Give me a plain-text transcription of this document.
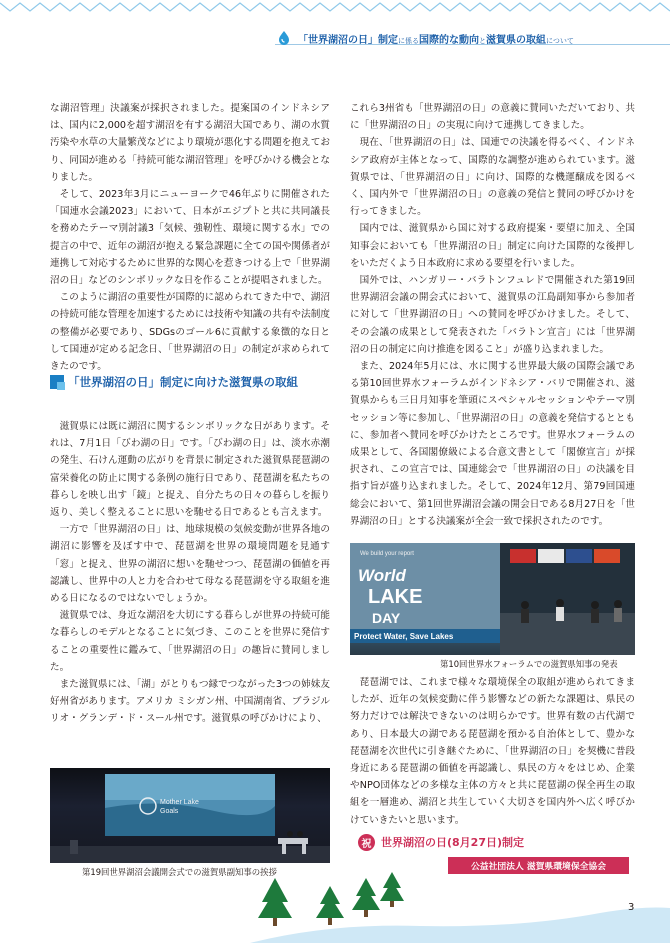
「世界湖沼の日」制定に係る国際的な動向と滋賀県の取組について

な湖沼管理」決議案が採択されました。提案国のインドネシアは、国内に2,000を超す湖沼を有する湖沼大国であり、湖の水質汚染や水草の大量繁茂などにより環境が悪化する問題を抱えており、同国が進める「持続可能な湖沼管理」を呼びかける機会となりました。

そして、2023年3月にニューヨークで46年ぶりに開催された「国連水会議2023」において、日本がエジプトと共に共同議長を務めたテーマ別討議3「気候、強靭性、環境に関する水」での提言の中で、近年の湖沼が抱える緊急課題に全ての国や関係者が連携して対応するために世界的な関心を惹きつける上で「世界湖沼の日」などのシンボリックな日を作ることが提唱されました。

このように湖沼の重要性が国際的に認められてきた中で、湖沼の持続可能な管理を加速するためには技術や知識の共有や法制度の整備が必要であり、SDGsのゴール6に貢献する象徴的な日として国連が定める記念日、「世界湖沼の日」の制定が求められてきたのです。

「世界湖沼の日」制定に向けた滋賀県の取組

滋賀県には既に湖沼に関するシンボリックな日があります。それは、7月1日「びわ湖の日」です。「びわ湖の日」は、淡水赤潮の発生、石けん運動の広がりを背景に制定された滋賀県琵琶湖の富栄養化の防止に関する条例の施行日であり、琵琶湖を私たちの暮らしを映し出す「鏡」と捉え、自分たちの日々の暮らしを振り返り、美しく整えることに思いを馳せる日であるとも言えます。

一方で「世界湖沼の日」は、地球規模の気候変動が世界各地の湖沼に影響を及ぼす中で、琵琶湖を世界の環境問題を見通す「窓」と捉え、世界の湖沼に想いを馳せつつ、琵琶湖の価値を再認識し、世界中の人と力を合わせて母なる琵琶湖を守る取組を進める日になるのではないでしょうか。

滋賀県では、身近な湖沼を大切にする暮らしが世界の持続可能な暮らしのモデルとなることに気づき、このことを世界に発信することの重要性に鑑みて、「世界湖沼の日」の趣旨に賛同しました。

また滋賀県には、「湖」がとりもつ縁でつながった3つの姉妹友好州省があります。アメリカ ミシガン州、中国湖南省、ブラジル リオ・グランデ・ド・スール州です。滋賀県の呼びかけにより、

Mother Lake
Goals
第19回世界湖沼会議開会式での滋賀県副知事の挨拶

これら3州省も「世界湖沼の日」の意義に賛同いただいており、共に「世界湖沼の日」の実現に向けて連携してきました。

現在、「世界湖沼の日」は、国連での決議を得るべく、インドネシア政府が主体となって、国際的な調整が進められています。滋賀県では、「世界湖沼の日」に向け、国際的な機運醸成を図るべく、国内外で「世界湖沼の日」の意義の発信と賛同の呼びかけを行ってきました。

国内では、滋賀県から国に対する政府提案・要望に加え、全国知事会においても「世界湖沼の日」制定に向けた国際的な後押しをいただくよう日本政府に求める要望を行いました。

国外では、ハンガリー・バラトンフュレドで開催された第19回世界湖沼会議の開会式において、滋賀県の江島副知事から参加者に対して「世界湖沼の日」への賛同を呼びかけました。そして、その会議の成果として発表された「バラトン宣言」には「世界湖沼の日の制定に向け推進を図ること」が盛り込まれました。

また、2024年5月には、水に関する世界最大級の国際会議である第10回世界水フォーラムがインドネシア・バリで開催され、滋賀県からも三日月知事を筆頭にスペシャルセッションやテーマ別セッション等に参加し、「世界湖沼の日」の意義を発信するとともに、参加者へ賛同を呼びかけたところです。世界水フォーラムの成果として、各国閣僚級による合意文書として「閣僚宣言」が採択され、この宣言では、国連総会で「世界湖沼の日」の決議を目指す旨が盛り込まれました。そして、2024年12月、第79回国連総会において、第1回世界湖沼会議の開会日である8月27日を「世界湖沼の日」とする決議案が全会一致で採択されたのです。

We build your report
World
LAKE
DAY
Protect Water, Save Lakes
第10回世界水フォーラムでの滋賀県知事の発表

琵琶湖では、これまで様々な環境保全の取組が進められてきましたが、近年の気候変動に伴う影響などの新たな課題は、県民の努力だけでは解決できないのは明らかです。世界有数の古代湖であり、日本最大の湖である琵琶湖を預かる自治体として、豊かな琵琶湖を次世代に引き継ぐために、「世界湖沼の日」を契機に普段身近にある琵琶湖の価値を再認識し、県民の方々をはじめ、企業やNPO団体などの多様な主体の方々と共に琵琶湖の保全再生の取組を一層進め、湖沼と共生していく大切さを国内外へ広く呼びかけていきたいと思います。

祝 世界湖沼の日(8月27日)制定
公益社団法人 滋賀県環境保全協会
3
